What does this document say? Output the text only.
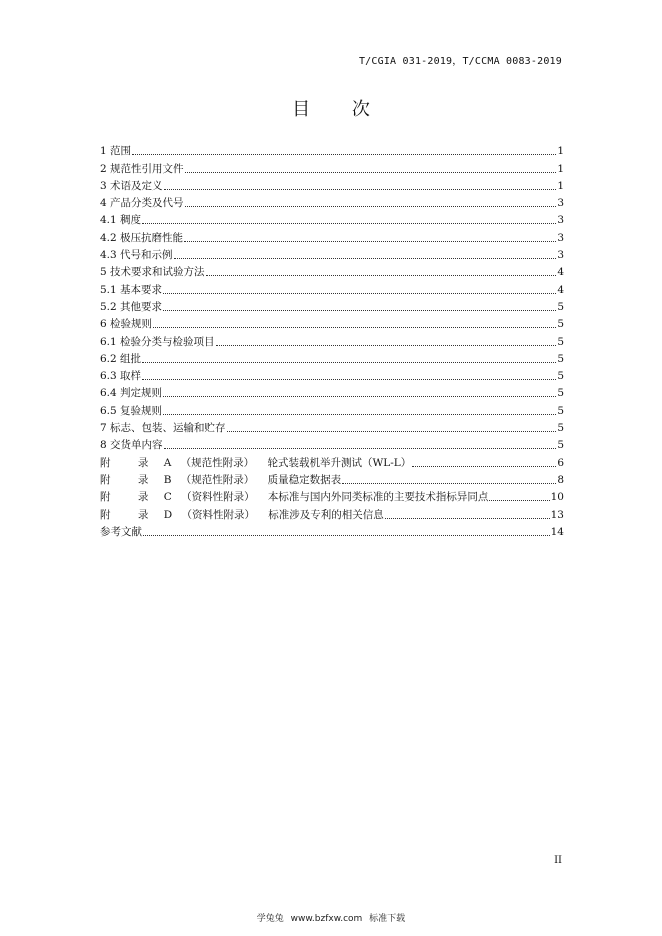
T/CGIA 031-2019，T/CCMA 0083-2019
目 次
1 范围	1
2 规范性引用文件	1
3 术语及定义	1
4 产品分类及代号	3
4.1 稠度	3
4.2 极压抗磨性能	3
4.3 代号和示例	3
5 技术要求和试验方法	4
5.1 基本要求	4
5.2 其他要求	5
6 检验规则	5
6.1 检验分类与检验项目	5
6.2 组批	5
6.3 取样	5
6.4 判定规则	5
6.5 复验规则	5
7 标志、包装、运输和贮存	5
8 交货单内容	5
附 录 A （规范性附录） 轮式装载机举升测试（WL-L）	6
附 录 B （规范性附录） 质量稳定数据表	8
附 录 C （资料性附录） 本标准与国内外同类标准的主要技术指标异同点	10
附 录 D （资料性附录） 标准涉及专利的相关信息	13
参考文献	14
II
学兔兔 www.bzfxw.com 标准下载
